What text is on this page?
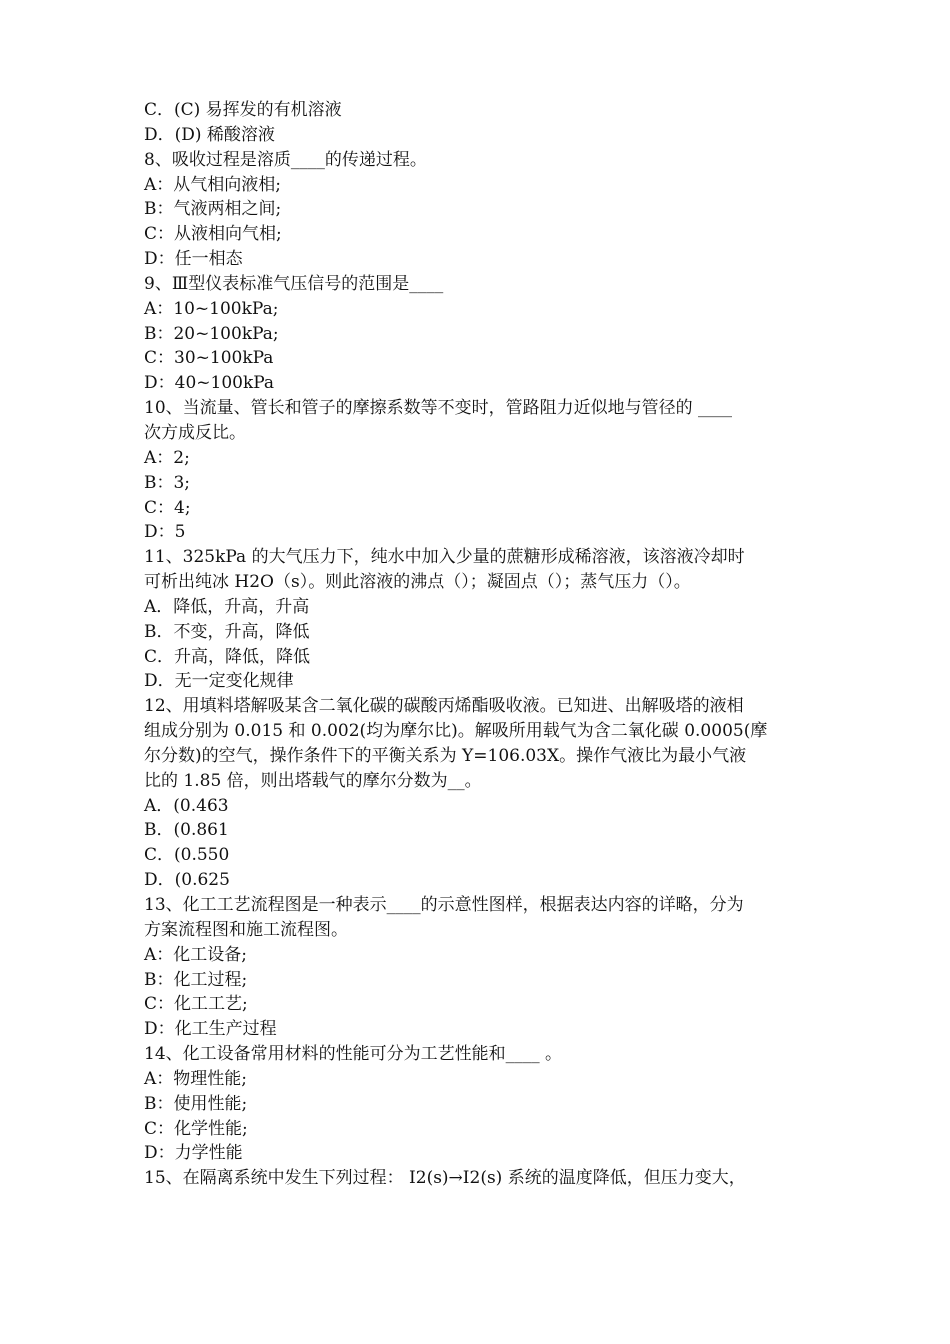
C．(C) 易挥发的有机溶液
D．(D) 稀酸溶液
8、吸收过程是溶质____的传递过程。
A：从气相向液相;
B：气液两相之间;
C：从液相向气相;
D：任一相态
9、Ⅲ型仪表标准气压信号的范围是____
A：10~100kPa;
B：20~100kPa;
C：30~100kPa
D：40~100kPa
10、当流量、管长和管子的摩擦系数等不变时，管路阻力近似地与管径的 ____
次方成反比。
A：2;
B：3;
C：4;
D：5
11、325kPa 的大气压力下，纯水中加入少量的蔗糖形成稀溶液，该溶液冷却时
可析出纯冰 H2O（s）。则此溶液的沸点（）；凝固点（）；蒸气压力（）。
A．降低，升高，升高
B．不变，升高，降低
C．升高，降低，降低
D．无一定变化规律
12、用填料塔解吸某含二氧化碳的碳酸丙烯酯吸收液。已知进、出解吸塔的液相
组成分别为 0.015 和 0.002(均为摩尔比)。解吸所用载气为含二氧化碳 0.0005(摩
尔分数)的空气，操作条件下的平衡关系为 Y=106.03X。操作气液比为最小气液
比的 1.85 倍，则出塔载气的摩尔分数为__。
A．(0.463
B．(0.861
C．(0.550
D．(0.625
13、化工工艺流程图是一种表示____的示意性图样，根据表达内容的详略，分为
方案流程图和施工流程图。
A：化工设备;
B：化工过程;
C：化工工艺;
D：化工生产过程
14、化工设备常用材料的性能可分为工艺性能和____ 。
A：物理性能;
B：使用性能;
C：化学性能;
D：力学性能
15、在隔离系统中发生下列过程： I2(s)→I2(s) 系统的温度降低，但压力变大，
